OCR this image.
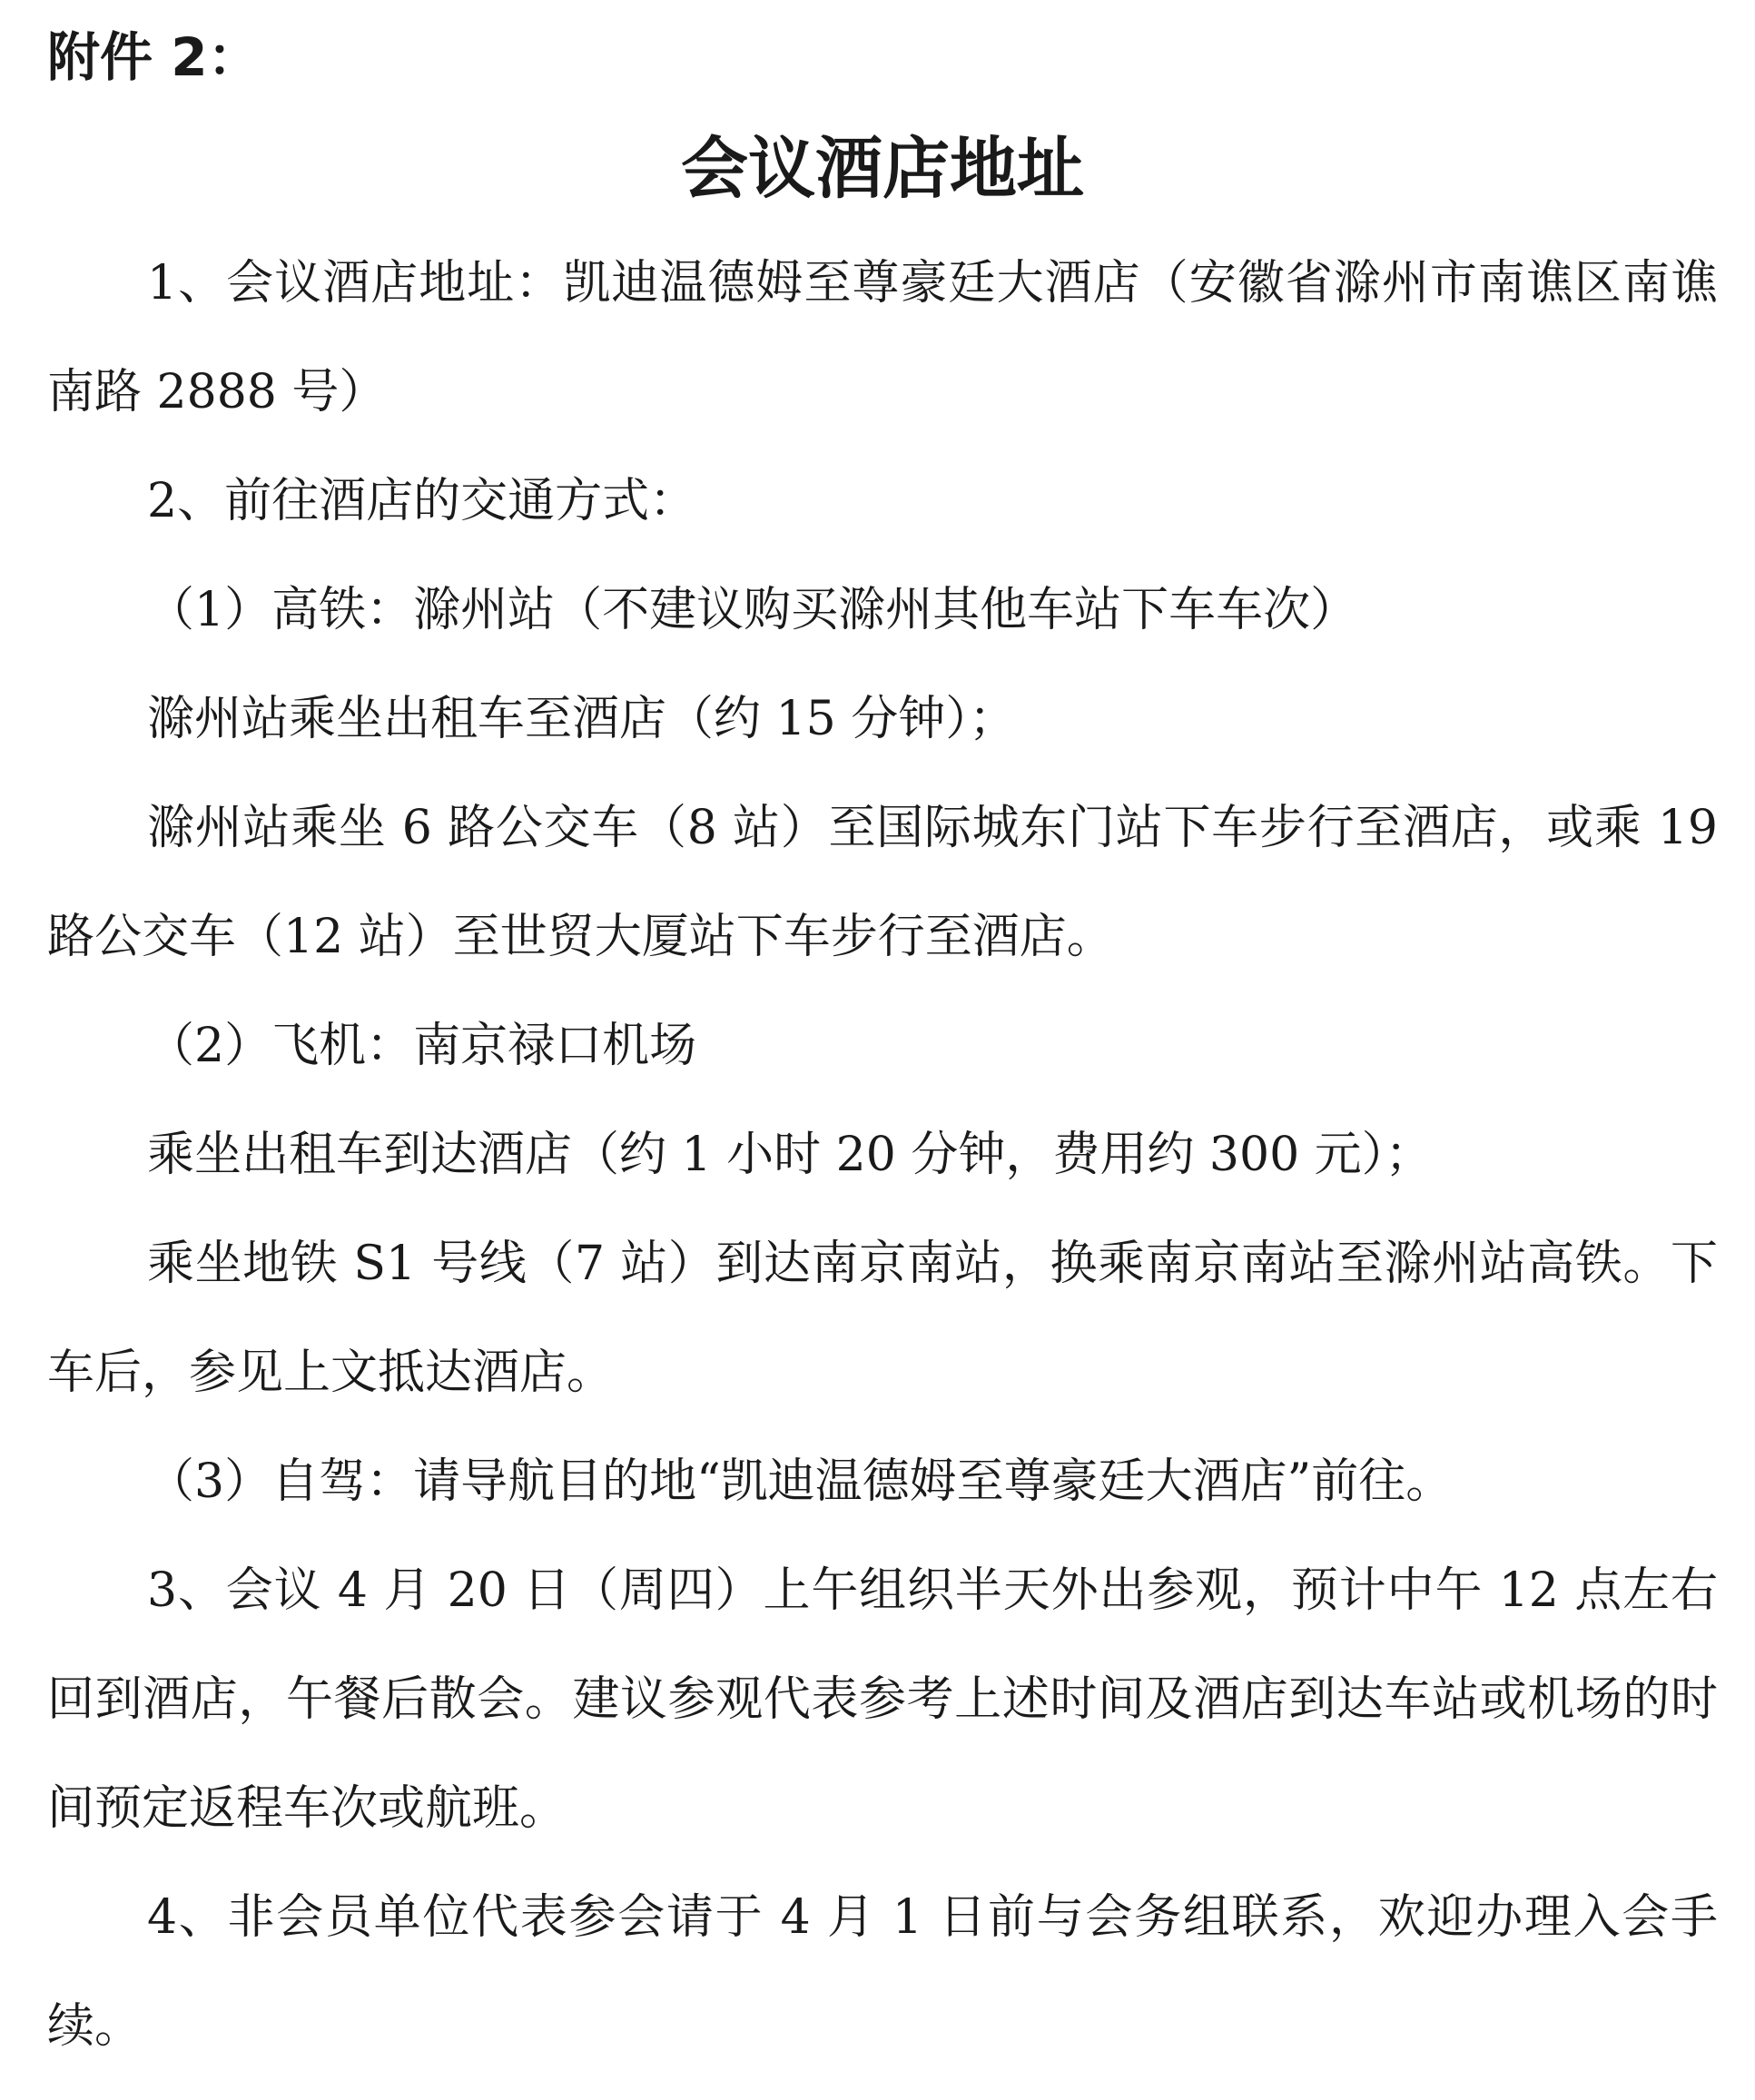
附件 2：
会议酒店地址

1、会议酒店地址：凯迪温德姆至尊豪廷大酒店（安徽省滁州市南谯区南谯南路 2888 号）

2、前往酒店的交通方式：

（1）高铁：滁州站（不建议购买滁州其他车站下车车次）

滁州站乘坐出租车至酒店（约 15 分钟）；

滁州站乘坐 6 路公交车（8 站）至国际城东门站下车步行至酒店，或乘 19 路公交车（12 站）至世贸大厦站下车步行至酒店。

（2）飞机：南京禄口机场

乘坐出租车到达酒店（约 1 小时 20 分钟，费用约 300 元）；

乘坐地铁 S1 号线（7 站）到达南京南站，换乘南京南站至滁州站高铁。下车后，参见上文抵达酒店。

（3）自驾：请导航目的地“凯迪温德姆至尊豪廷大酒店”前往。

3、会议 4 月 20 日（周四）上午组织半天外出参观，预计中午 12 点左右回到酒店，午餐后散会。建议参观代表参考上述时间及酒店到达车站或机场的时间预定返程车次或航班。

4、非会员单位代表参会请于 4 月 1 日前与会务组联系，欢迎办理入会手续。
